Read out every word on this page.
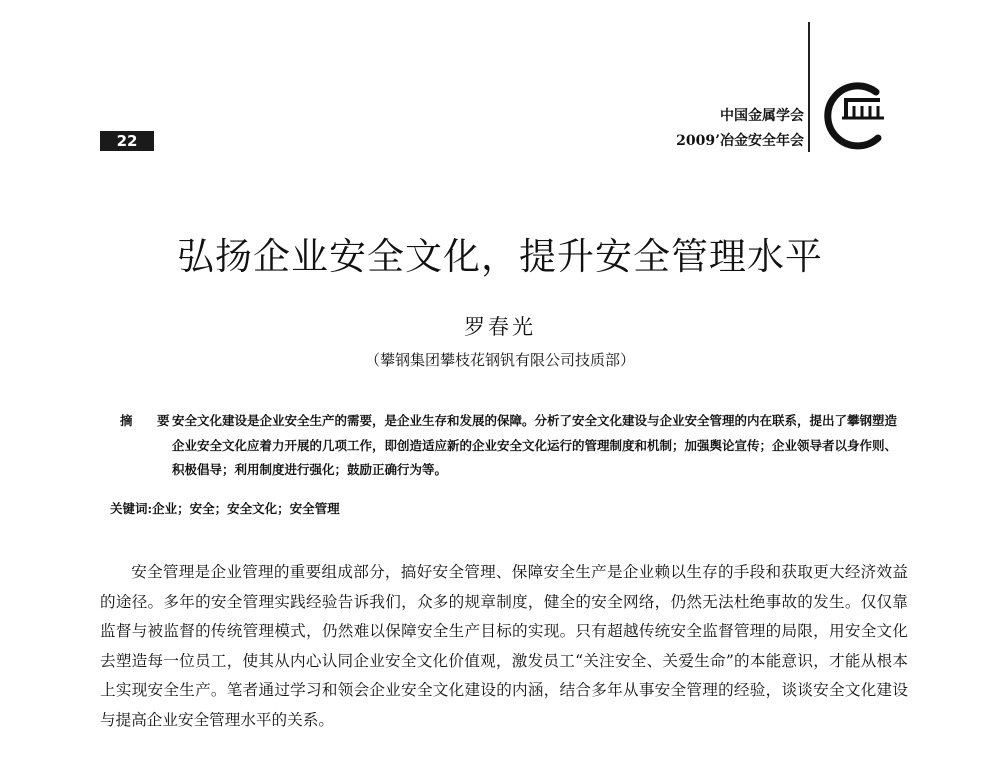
22
中国金属学会
2009’冶金安全年会
弘扬企业安全文化，提升安全管理水平
罗春光
（攀钢集团攀枝花钢钒有限公司技质部）
摘　要:
安全文化建设是企业安全生产的需要，是企业生存和发展的保障。分析了安全文化建设与企业安全管理的内在联系，提出了攀钢塑造企业安全文化应着力开展的几项工作，即创造适应新的企业安全文化运行的管理制度和机制；加强舆论宣传；企业领导者以身作则、积极倡导；利用制度进行强化；鼓励正确行为等。
关键词:企业；安全；安全文化；安全管理
安全管理是企业管理的重要组成部分，搞好安全管理、保障安全生产是企业赖以生存的手段和获取更大经济效益的途径。多年的安全管理实践经验告诉我们，众多的规章制度，健全的安全网络，仍然无法杜绝事故的发生。仅仅靠监督与被监督的传统管理模式，仍然难以保障安全生产目标的实现。只有超越传统安全监督管理的局限，用安全文化去塑造每一位员工，使其从内心认同企业安全文化价值观，激发员工“关注安全、关爱生命”的本能意识，才能从根本上实现安全生产。笔者通过学习和领会企业安全文化建设的内涵，结合多年从事安全管理的经验，谈谈安全文化建设与提高企业安全管理水平的关系。
